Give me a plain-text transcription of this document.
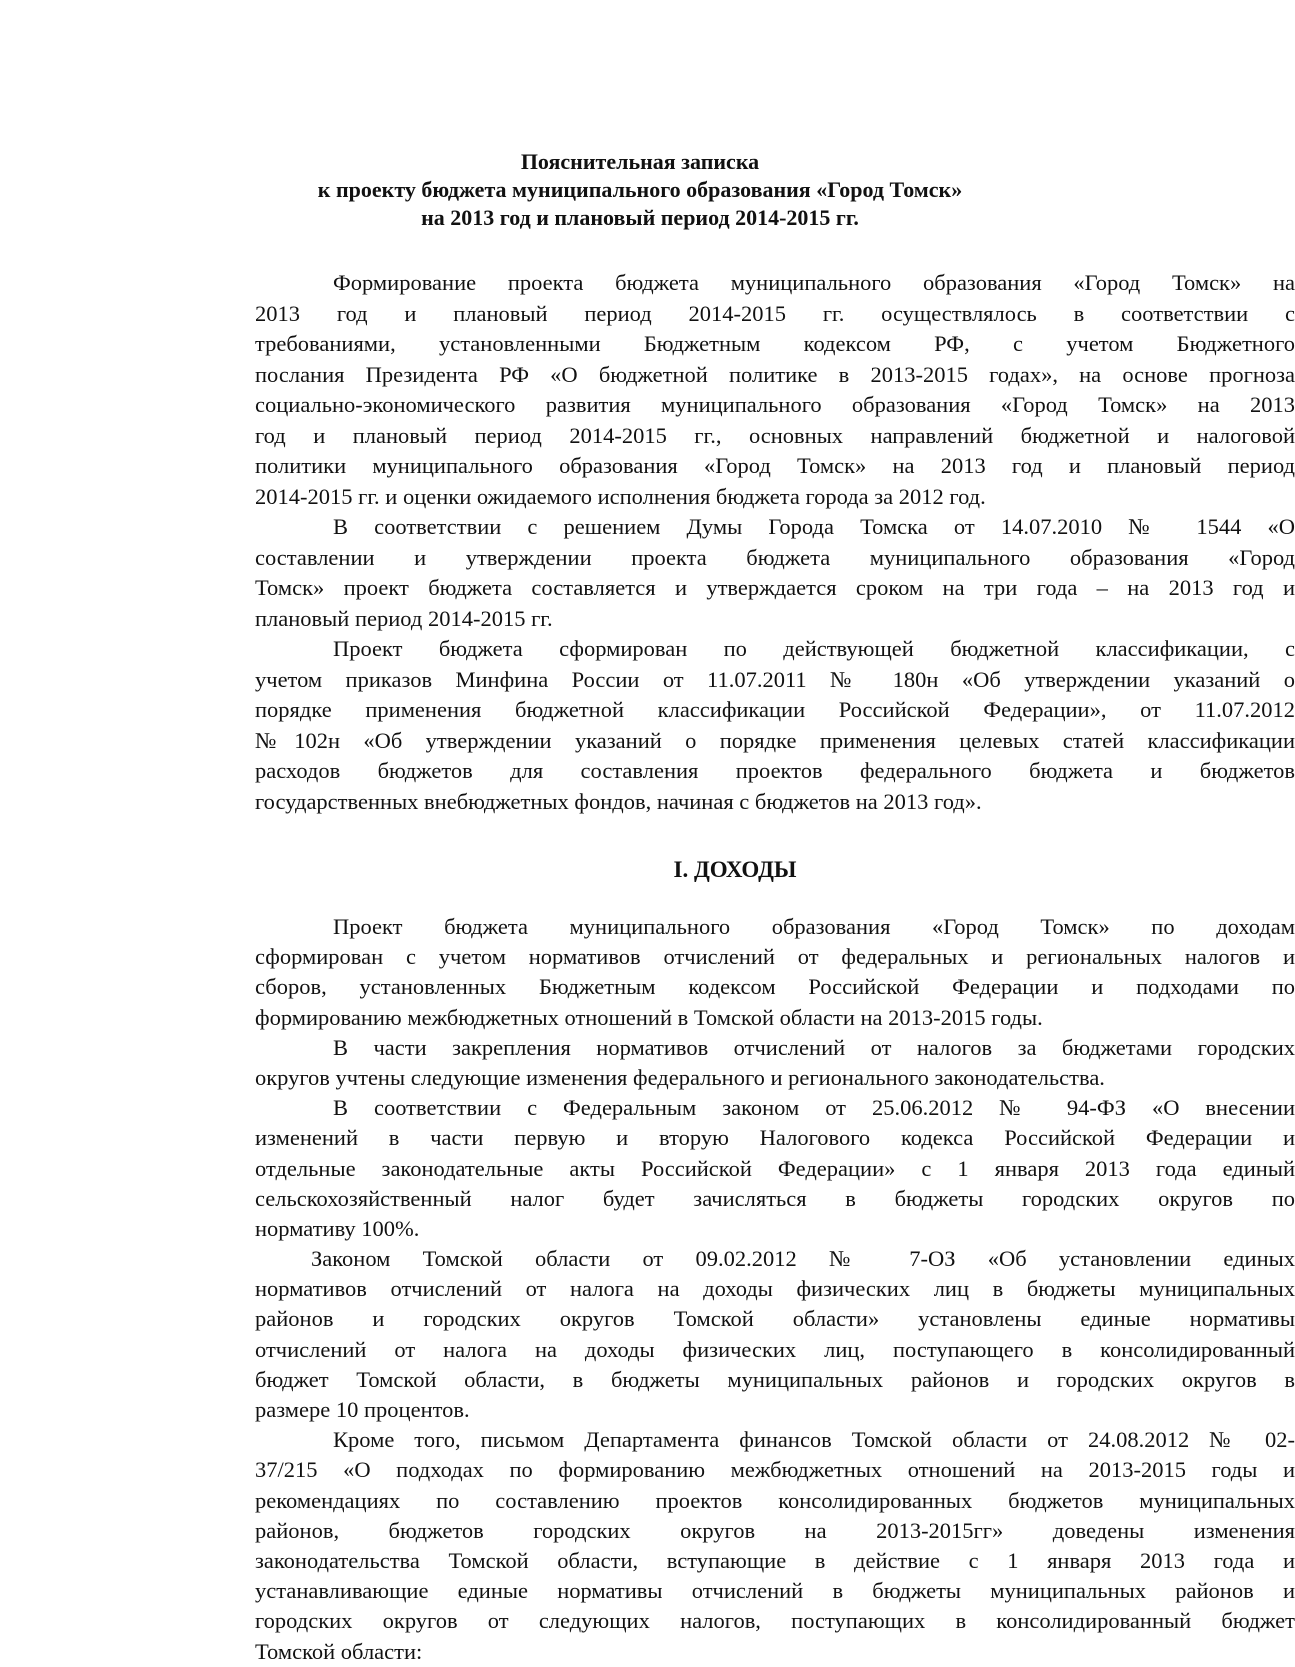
Пояснительная записка
к проекту бюджета муниципального образования «Город Томск»
на 2013 год и плановый период 2014-2015 гг.
Формирование проекта бюджета муниципального образования «Город Томск» на
2013 год и плановый период 2014-2015 гг. осуществлялось в соответствии с
требованиями, установленными Бюджетным кодексом РФ, с учетом Бюджетного
послания Президента РФ «О бюджетной политике в 2013-2015 годах», на основе прогноза
социально-экономического развития муниципального образования «Город Томск» на 2013
год и плановый период 2014-2015 гг., основных направлений бюджетной и налоговой
политики муниципального образования «Город Томск» на 2013 год и плановый период
2014-2015 гг. и оценки ожидаемого исполнения бюджета города за 2012 год.
В соответствии с решением Думы Города Томска от 14.07.2010 № 1544 «О
составлении и утверждении проекта бюджета муниципального образования «Город
Томск» проект бюджета составляется и утверждается сроком на три года – на 2013 год и
плановый период 2014-2015 гг.
Проект бюджета сформирован по действующей бюджетной классификации, с
учетом приказов Минфина России от 11.07.2011 № 180н «Об утверждении указаний о
порядке применения бюджетной классификации Российской Федерации», от 11.07.2012
№102н «Об утверждении указаний о порядке применения целевых статей классификации
расходов бюджетов для составления проектов федерального бюджета и бюджетов
государственных внебюджетных фондов, начиная с бюджетов на 2013 год».
I. ДОХОДЫ
Проект бюджета муниципального образования «Город Томск» по доходам
сформирован с учетом нормативов отчислений от федеральных и региональных налогов и
сборов, установленных Бюджетным кодексом Российской Федерации и подходами по
формированию межбюджетных отношений в Томской области на 2013-2015 годы.
В части закрепления нормативов отчислений от налогов за бюджетами городских
округов учтены следующие изменения федерального и регионального законодательства.
В соответствии с Федеральным законом от 25.06.2012 № 94-ФЗ «О внесении
изменений в части первую и вторую Налогового кодекса Российской Федерации и
отдельные законодательные акты Российской Федерации» с 1 января 2013 года единый
сельскохозяйственный налог будет зачисляться в бюджеты городских округов по
нормативу 100%.
Законом Томской области от 09.02.2012 № 7-ОЗ «Об установлении единых
нормативов отчислений от налога на доходы физических лиц в бюджеты муниципальных
районов и городских округов Томской области» установлены единые нормативы
отчислений от налога на доходы физических лиц, поступающего в консолидированный
бюджет Томской области, в бюджеты муниципальных районов и городских округов в
размере 10 процентов.
Кроме того, письмом Департамента финансов Томской области от 24.08.2012 № 02-
37/215 «О подходах по формированию межбюджетных отношений на 2013-2015 годы и
рекомендациях по составлению проектов консолидированных бюджетов муниципальных
районов, бюджетов городских округов на 2013-2015гг» доведены изменения
законодательства Томской области, вступающие в действие с 1 января 2013 года и
устанавливающие единые нормативы отчислений в бюджеты муниципальных районов и
городских округов от следующих налогов, поступающих в консолидированный бюджет
Томской области:
